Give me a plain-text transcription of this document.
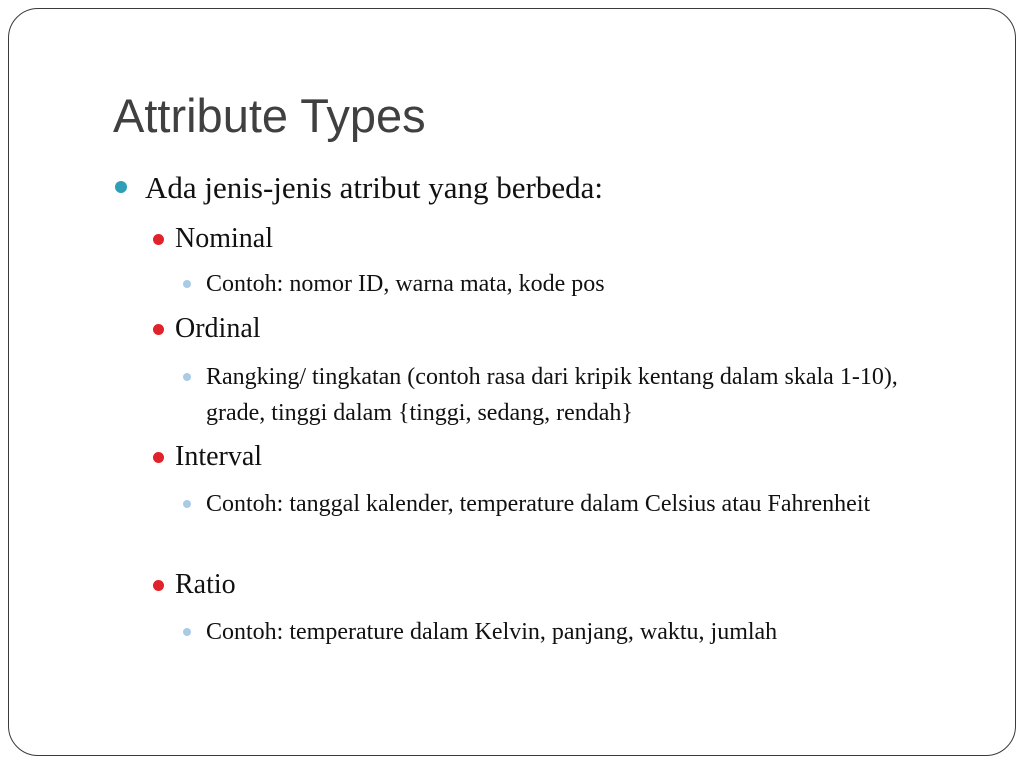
Attribute Types
Ada jenis-jenis atribut yang berbeda:
Nominal
Contoh: nomor ID, warna mata, kode pos
Ordinal
Rangking/ tingkatan (contoh rasa dari kripik kentang dalam skala 1-10), grade, tinggi dalam {tinggi, sedang, rendah}
Interval
Contoh: tanggal kalender, temperature dalam Celsius atau Fahrenheit
Ratio
Contoh: temperature dalam Kelvin, panjang, waktu, jumlah
